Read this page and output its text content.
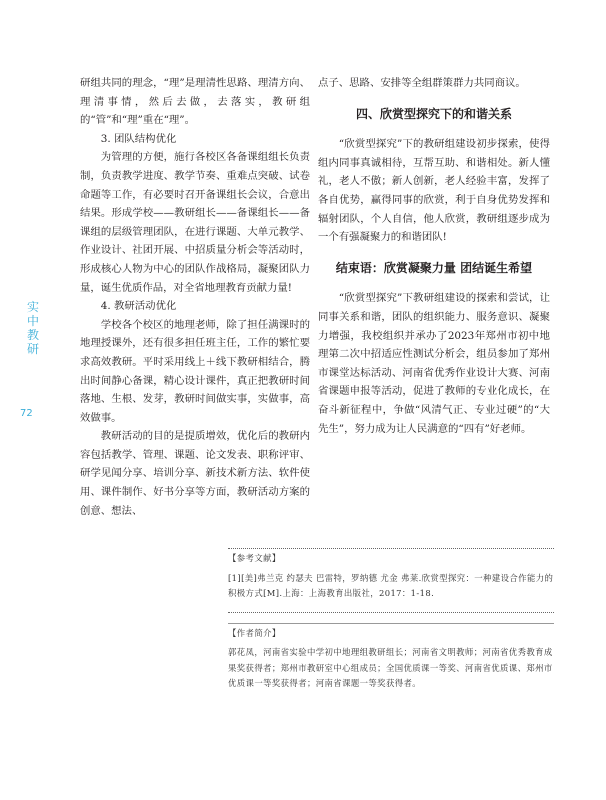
实
中
教
研
72

研组共同的理念，“理”是理清性思路、理清方向、理清事情，然后去做，去落实，教研组的“管”和“理”重在“理”。

3. 团队结构优化

为管理的方便，施行各校区各备课组组长负责制，负责教学进度、教学节奏、重难点突破、试卷命题等工作，有必要时召开备课组长会议，合意出结果。形成学校——教研组长——备课组长——备课组的层级管理团队，在进行课题、大单元教学、作业设计、社团开展、中招质量分析会等活动时，形成核心人物为中心的团队作战格局，凝聚团队力量，诞生优质作品，对全省地理教育贡献力量!

4. 教研活动优化

学校各个校区的地理老师，除了担任满课时的地理授课外，还有很多担任班主任，工作的繁忙要求高效教研。平时采用线上＋线下教研相结合，腾出时间静心备课，精心设计课件，真正把教研时间落地、生根、发芽，教研时间做实事，实做事，高效做事。

教研活动的目的是提质增效，优化后的教研内容包括教学、管理、课题、论文发表、职称评审、研学见闻分享、培训分享、新技术新方法、软件使用、课件制作、好书分享等方面，教研活动方案的创意、想法、

点子、思路、安排等全组群策群力共同商议。

四、欣赏型探究下的和谐关系

“欣赏型探究”下的教研组建设初步探索，使得组内同事真诚相待，互帮互助、和谐相处。新人懂礼，老人不傲；新人创新，老人经验丰富，发挥了各自优势，赢得同事的欣赏，利于自身优势发挥和辐射团队，个人自信，他人欣赏，教研组逐步成为一个有强凝聚力的和谐团队!

结束语：欣赏凝聚力量 团结诞生希望

“欣赏型探究”下教研组建设的探索和尝试，让同事关系和谐，团队的组织能力、服务意识、凝聚力增强，我校组织并承办了2023年郑州市初中地理第二次中招适应性测试分析会，组员参加了郑州市课堂达标活动、河南省优秀作业设计大赛、河南省课题申报等活动，促进了教师的专业化成长，在奋斗新征程中，争做“风清气正、专业过硬”的“大先生”，努力成为让人民满意的“四有”好老师。

【参考文献】

[1][美]弗兰克 约瑟夫 巴雷特，罗纳德 尤金 弗莱.欣赏型探究：一种建设合作能力的积极方式[M].上海：上海教育出版社，2017：1-18.

【作者简介】

郭花凤，河南省实验中学初中地理组教研组长；河南省文明教师；河南省优秀教育成果奖获得者；郑州市教研室中心组成员；全国优质课一等奖、河南省优质课、郑州市优质课一等奖获得者；河南省课题一等奖获得者。
